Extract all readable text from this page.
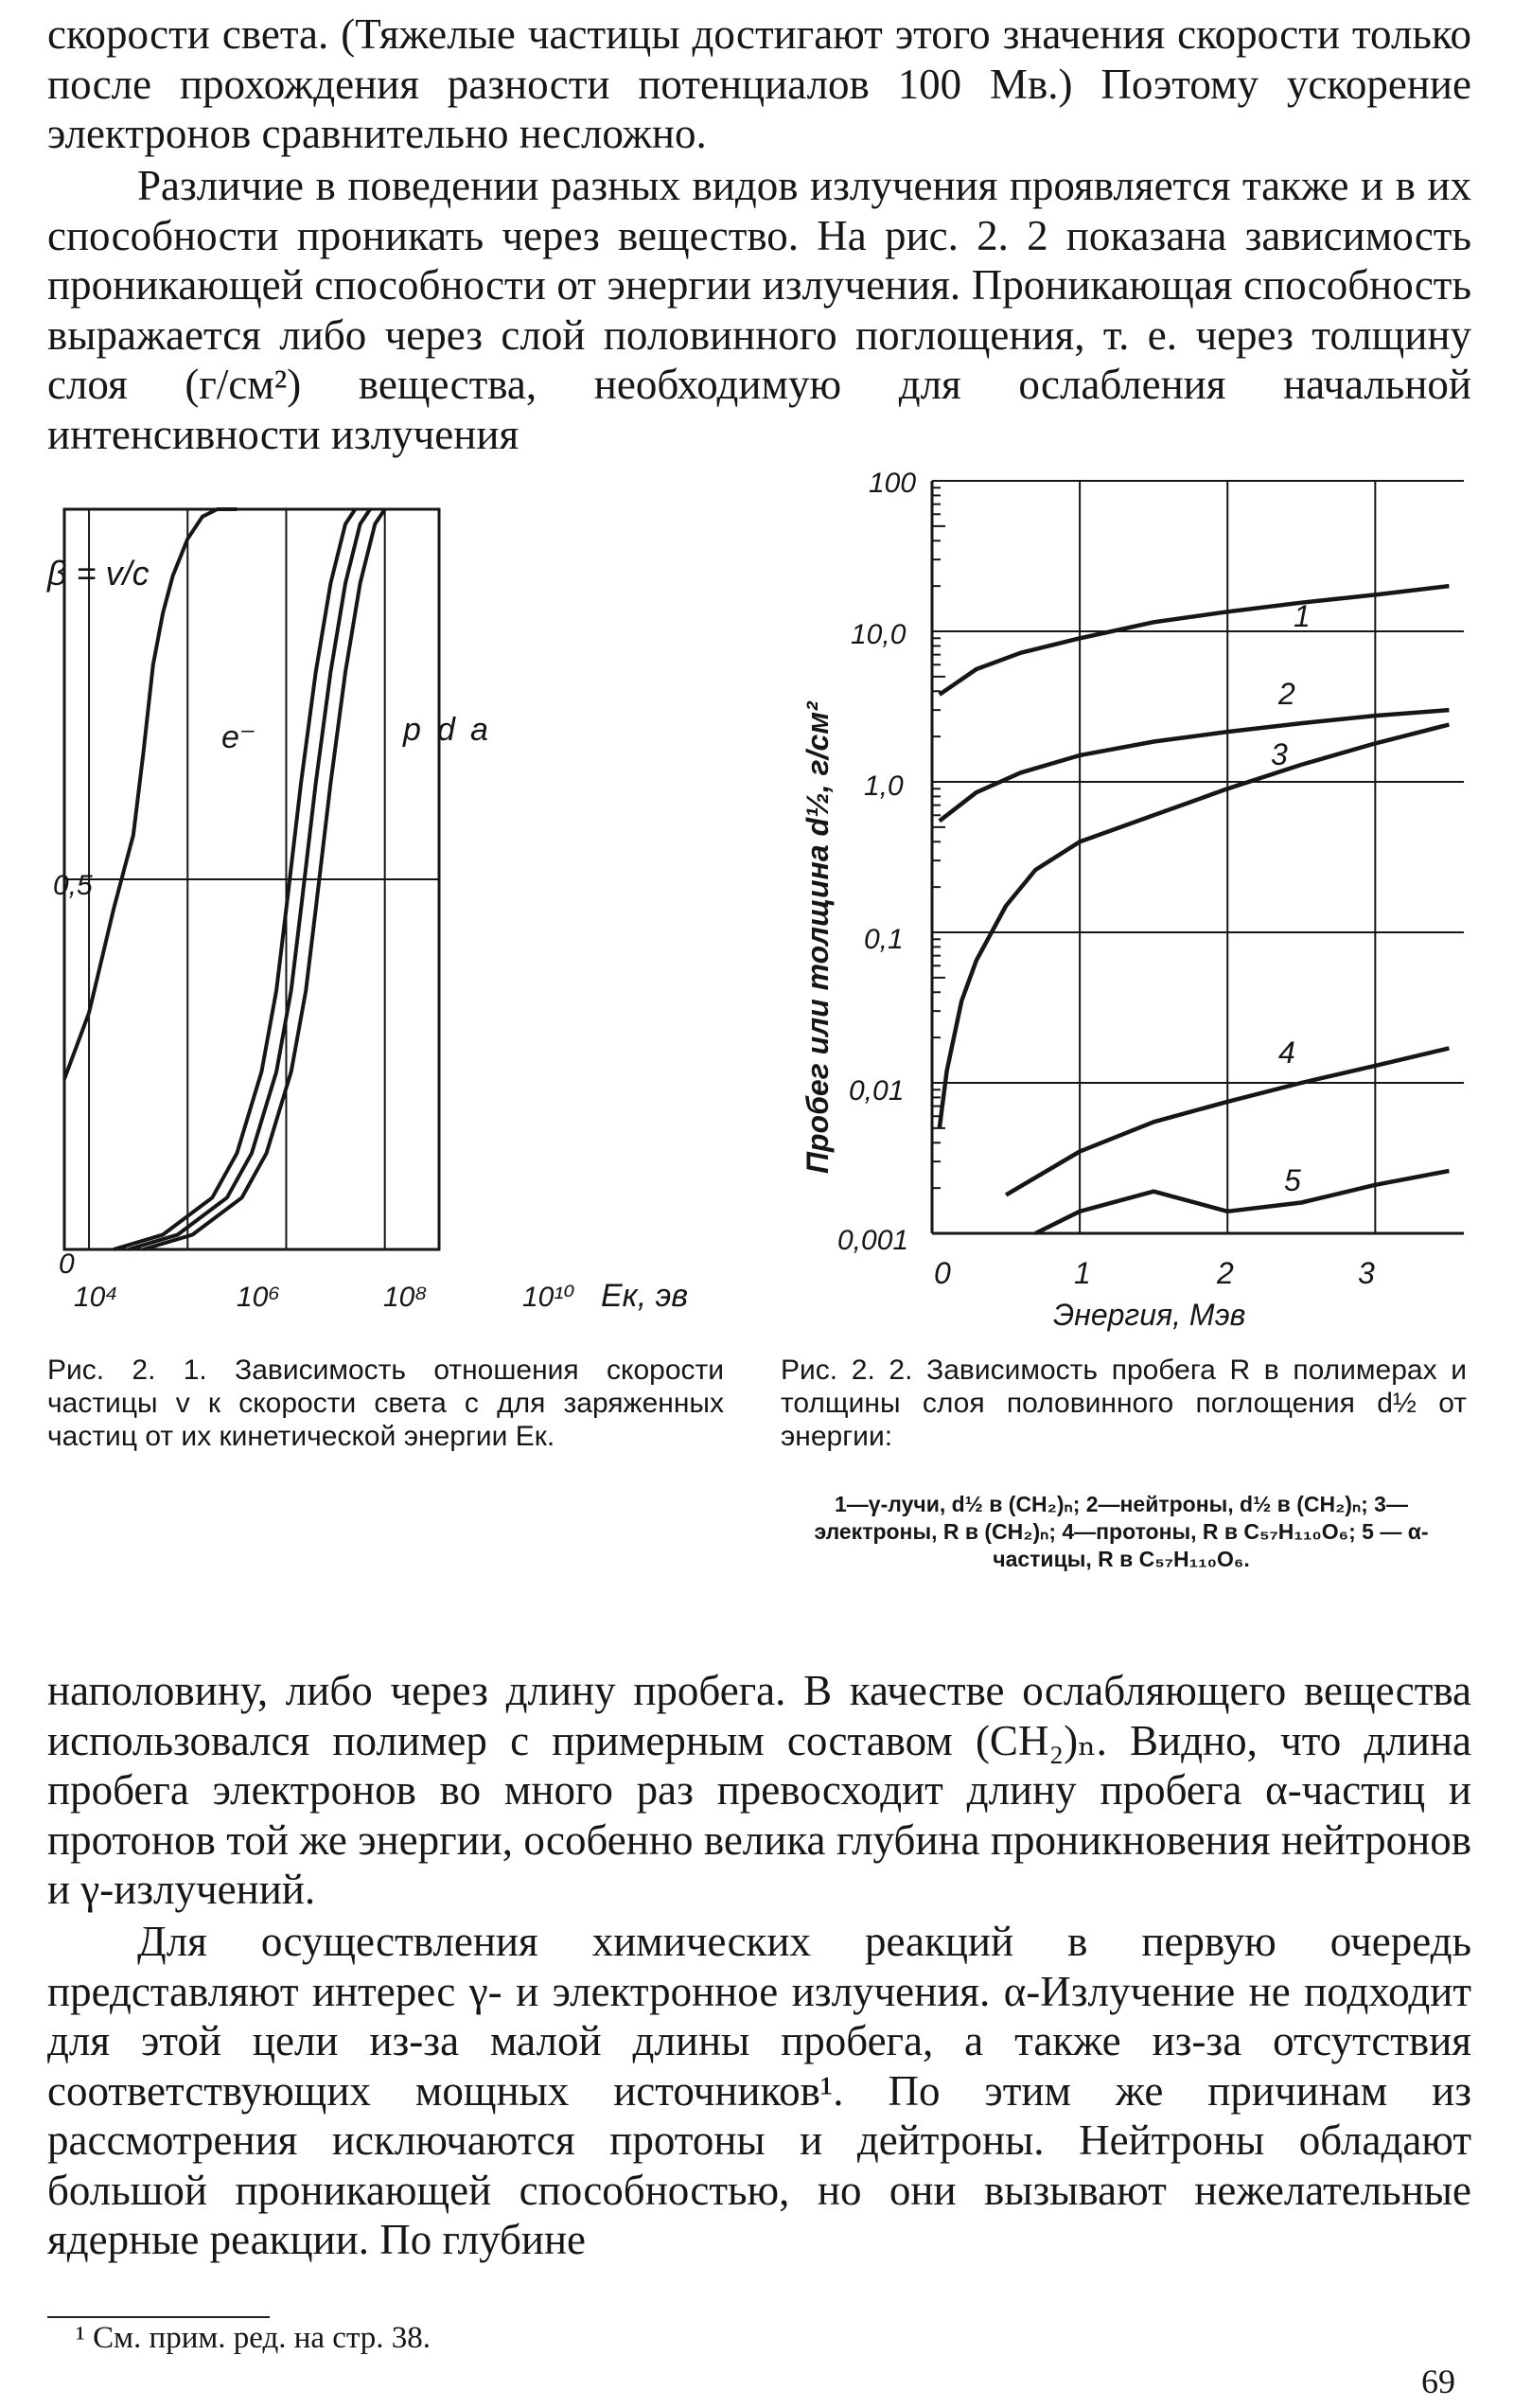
скорости света. (Тяжелые частицы достигают этого значения скорости только после прохождения разности потенциалов 100 Мв.) Поэтому ускорение электронов сравнительно несложно.

Различие в поведении разных видов излучения проявляется также и в их способности проникать через вещество. На рис. 2. 2 показана зависимость проникающей способности от энергии излучения. Проникающая способность выражается либо через слой половинного поглощения, т. е. через толщину слоя (г/см²) вещества, необходимую для ослабления начальной интенсивности излучения

β = v/c
Eк, эв
10⁴	10⁶	10⁸	10¹⁰
0
0,5
e⁻	p d a
100
10,0
1,0
0,1
0,01
0,001
0	1	2	3
Энергия, Мэв
Пробег или толщина d½, г/см²
1
2
3
4
5

Рис. 2. 1. Зависимость отношения скорости частицы v к скорости света c для заряженных частиц от их кинетической энергии Eк.

Рис. 2. 2. Зависимость пробега R в полимерах и толщины слоя половинного поглощения d½ от энергии:

1—γ-лучи, d½ в (CH₂)ₙ; 2—нейтроны, d½ в (CH₂)ₙ; 3—электроны, R в (CH₂)ₙ; 4—протоны, R в C₅₇H₁₁₀O₆; 5 — α-частицы, R в C₅₇H₁₁₀O₆.

наполовину, либо через длину пробега. В качестве ослабляющего вещества использовался полимер с примерным составом (CH₂)ₙ. Видно, что длина пробега электронов во много раз превосходит длину пробега α-частиц и протонов той же энергии, особенно велика глубина проникновения нейтронов и γ-излучений.

Для осуществления химических реакций в первую очередь представляют интерес γ- и электронное излучения. α-Излучение не подходит для этой цели из-за малой длины пробега, а также из-за отсутствия соответствующих мощных источников¹. По этим же причинам из рассмотрения исключаются протоны и дейтроны. Нейтроны обладают большой проникающей способностью, но они вызывают нежелательные ядерные реакции. По глубине

¹ См. прим. ред. на стр. 38.

69
